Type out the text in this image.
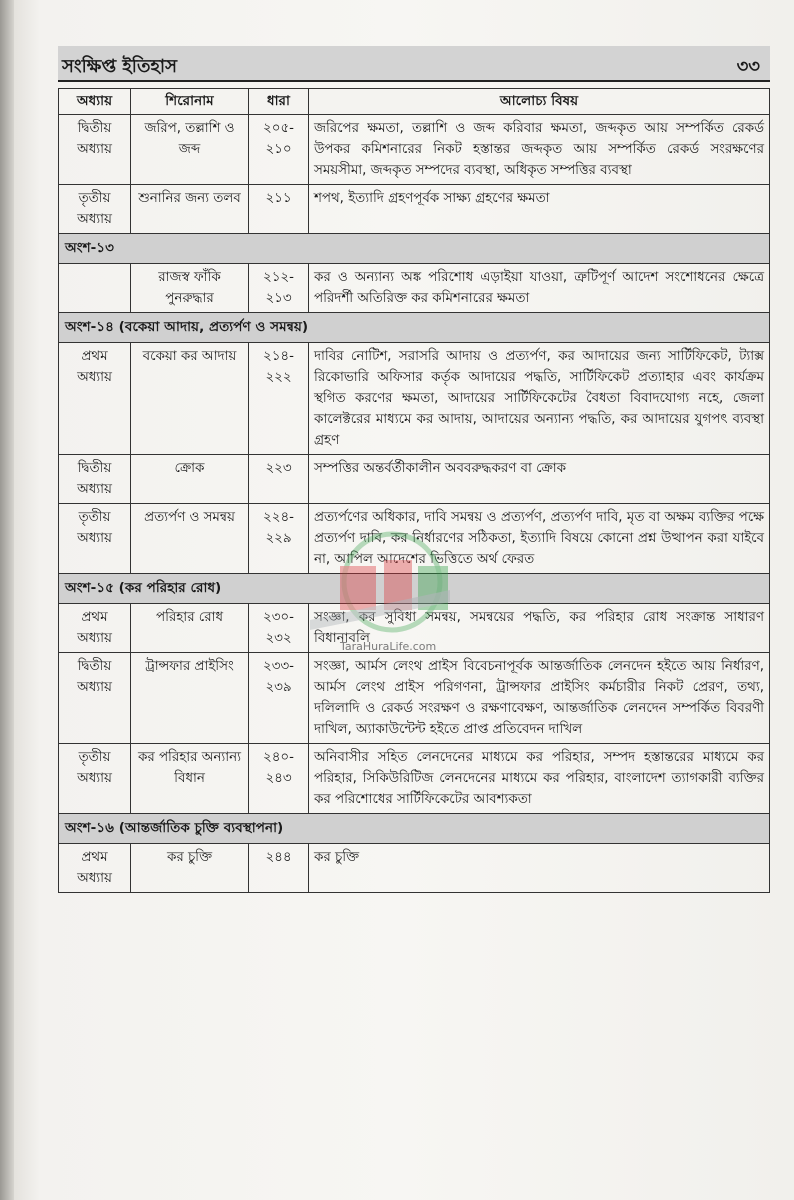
সংক্ষিপ্ত ইতিহাস	৩৩
অধ্যায়	শিরোনাম	ধারা	আলোচ্য বিষয়
দ্বিতীয় অধ্যায়	জরিপ, তল্লাশি ও জব্দ	২০৫- ২১০	জরিপের ক্ষমতা, তল্লাশি ও জব্দ করিবার ক্ষমতা, জব্দকৃত আয় সম্পর্কিত রেকর্ড উপকর কমিশনারের নিকট হস্তান্তর জব্দকৃত আয় সম্পর্কিত রেকর্ড সংরক্ষণের সময়সীমা, জব্দকৃত সম্পদের ব্যবস্থা, অধিকৃত সম্পত্তির ব্যবস্থা
তৃতীয় অধ্যায়	শুনানির জন্য তলব	২১১	শপথ, ইত্যাদি গ্রহণপূর্বক সাক্ষ্য গ্রহণের ক্ষমতা
অংশ-১৩			
	রাজস্ব ফাঁকি পুনরুদ্ধার	২১২- ২১৩	কর ও অন্যান্য অঙ্ক পরিশোধ এড়াইয়া যাওয়া, ত্রুটিপূর্ণ আদেশ সংশোধনের ক্ষেত্রে পরিদর্শী অতিরিক্ত কর কমিশনারের ক্ষমতা
অংশ-১৪ (বকেয়া আদায়, প্রত্যর্পণ ও সমন্বয়)			
প্রথম অধ্যায়	বকেয়া কর আদায়	২১৪- ২২২	দাবির নোটিশ, সরাসরি আদায় ও প্রত্যর্পণ, কর আদায়ের জন্য সার্টিফিকেট, ট্যাক্স রিকোভারি অফিসার কর্তৃক আদায়ের পদ্ধতি, সার্টিফিকেট প্রত্যাহার এবং কার্যক্রম স্থগিত করণের ক্ষমতা, আদায়ের সার্টিফিকেটের বৈধতা বিবাদযোগ্য নহে, জেলা কালেক্টরের মাধ্যমে কর আদায়, আদায়ের অন্যান্য পদ্ধতি, কর আদায়ের যুগপৎ ব্যবস্থা গ্রহণ
দ্বিতীয় অধ্যায়	ক্রোক	২২৩	সম্পত্তির অন্তর্বর্তীকালীন অববরুদ্ধকরণ বা ক্রোক
তৃতীয় অধ্যায়	প্রত্যর্পণ ও সমন্বয়	২২৪- ২২৯	প্রত্যর্পণের অধিকার, দাবি সমন্বয় ও প্রত্যর্পণ, প্রত্যর্পণ দাবি, মৃত বা অক্ষম ব্যক্তির পক্ষে প্রত্যর্পণ দাবি, কর নির্ধারণের সঠিকতা, ইত্যাদি বিষয়ে কোনো প্রশ্ন উত্থাপন করা যাইবে না, আপিল আদেশের ভিত্তিতে অর্থ ফেরত
অংশ-১৫ (কর পরিহার রোধ)			
প্রথম অধ্যায়	পরিহার রোধ	২৩০- ২৩২	সংজ্ঞা, কর সুবিধা সমন্বয়, সমন্বয়ের পদ্ধতি, কর পরিহার রোধ সংক্রান্ত সাধারণ বিধানাবলি
দ্বিতীয় অধ্যায়	ট্রান্সফার প্রাইসিং	২৩৩- ২৩৯	সংজ্ঞা, আর্মস লেংথ প্রাইস বিবেচনাপূর্বক আন্তর্জাতিক লেনদেন হইতে আয় নির্ধারণ, আর্মস লেংথ প্রাইস পরিগণনা, ট্রান্সফার প্রাইসিং কর্মচারীর নিকট প্রেরণ, তথ্য, দলিলাদি ও রেকর্ড সংরক্ষণ ও রক্ষণাবেক্ষণ, আন্তর্জাতিক লেনদেন সম্পর্কিত বিবরণী দাখিল, অ্যাকাউন্টেন্ট হইতে প্রাপ্ত প্রতিবেদন দাখিল
তৃতীয় অধ্যায়	কর পরিহার অন্যান্য বিধান	২৪০- ২৪৩	অনিবাসীর সহিত লেনদেনের মাধ্যমে কর পরিহার, সম্পদ হস্তান্তরের মাধ্যমে কর পরিহার, সিকিউরিটিজ লেনদেনের মাধ্যমে কর পরিহার, বাংলাদেশ ত্যাগকারী ব্যক্তির কর পরিশোধের সার্টিফিকেটের আবশ্যকতা
অংশ-১৬ (আন্তর্জাতিক চুক্তি ব্যবস্থাপনা)			
প্রথম অধ্যায়	কর চুক্তি	২৪৪	কর চুক্তি
TaraHuraLife.com
